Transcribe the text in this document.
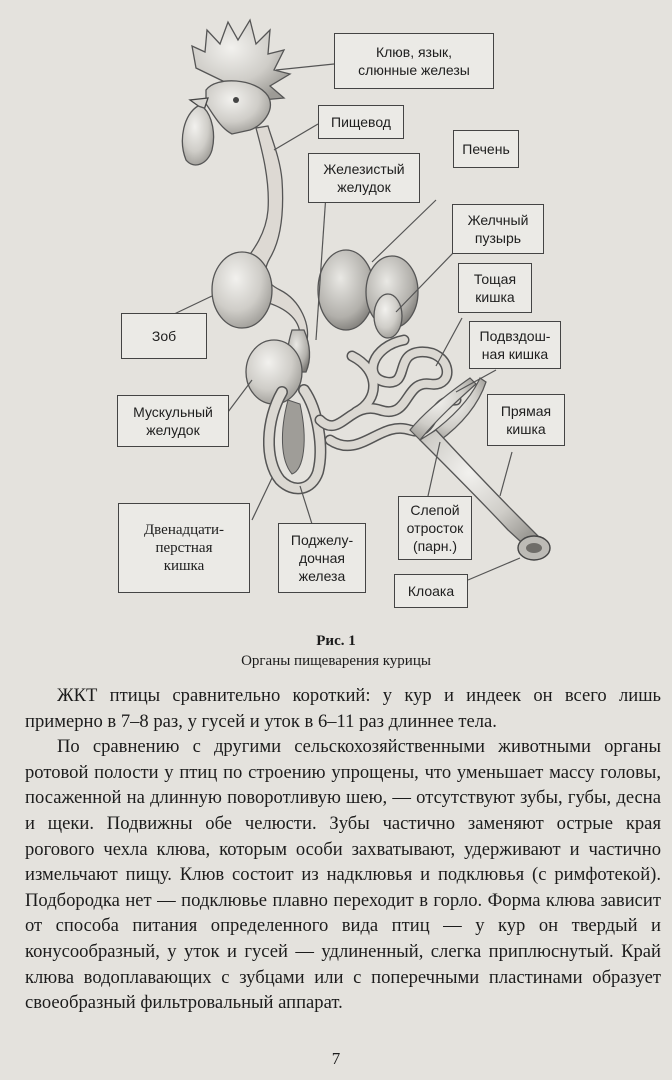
Клюв, язык,
слюнные железы
Пищевод
Печень
Железистый
желудок
Желчный
пузырь
Тощая
кишка
Зоб	Подвздош-
ная кишка
Мускульный
желудок
Прямая
кишка
Двенадцати-
перстная
кишка
Поджелу-
дочная
железа
Слепой
отросток
(парн.)
Клоака
Рис. 1
Органы пищеварения курицы

ЖКТ птицы сравнительно короткий: у кур и индеек он всего лишь примерно в 7–8 раз, у гусей и уток в 6–11 раз длиннее тела.

По сравнению с другими сельскохозяйственными животными органы ротовой полости у птиц по строению упрощены, что уменьшает массу головы, посаженной на длинную поворотливую шею, — отсутствуют зубы, губы, десна и щеки. Подвижны обе челюсти. Зубы частично заменяют острые края рогового чехла клюва, которым особи захватывают, удерживают и частично измельчают пищу. Клюв состоит из надклювья и подклювья (с римфотекой). Подбородка нет — подклювье плавно переходит в горло. Форма клюва зависит от способа питания определенного вида птиц — у кур он твердый и конусообразный, у уток и гусей — удлиненный, слегка приплюснутый. Край клюва водоплавающих с зубцами или с поперечными пластинами образует своеобразный фильтровальный аппарат.

7
